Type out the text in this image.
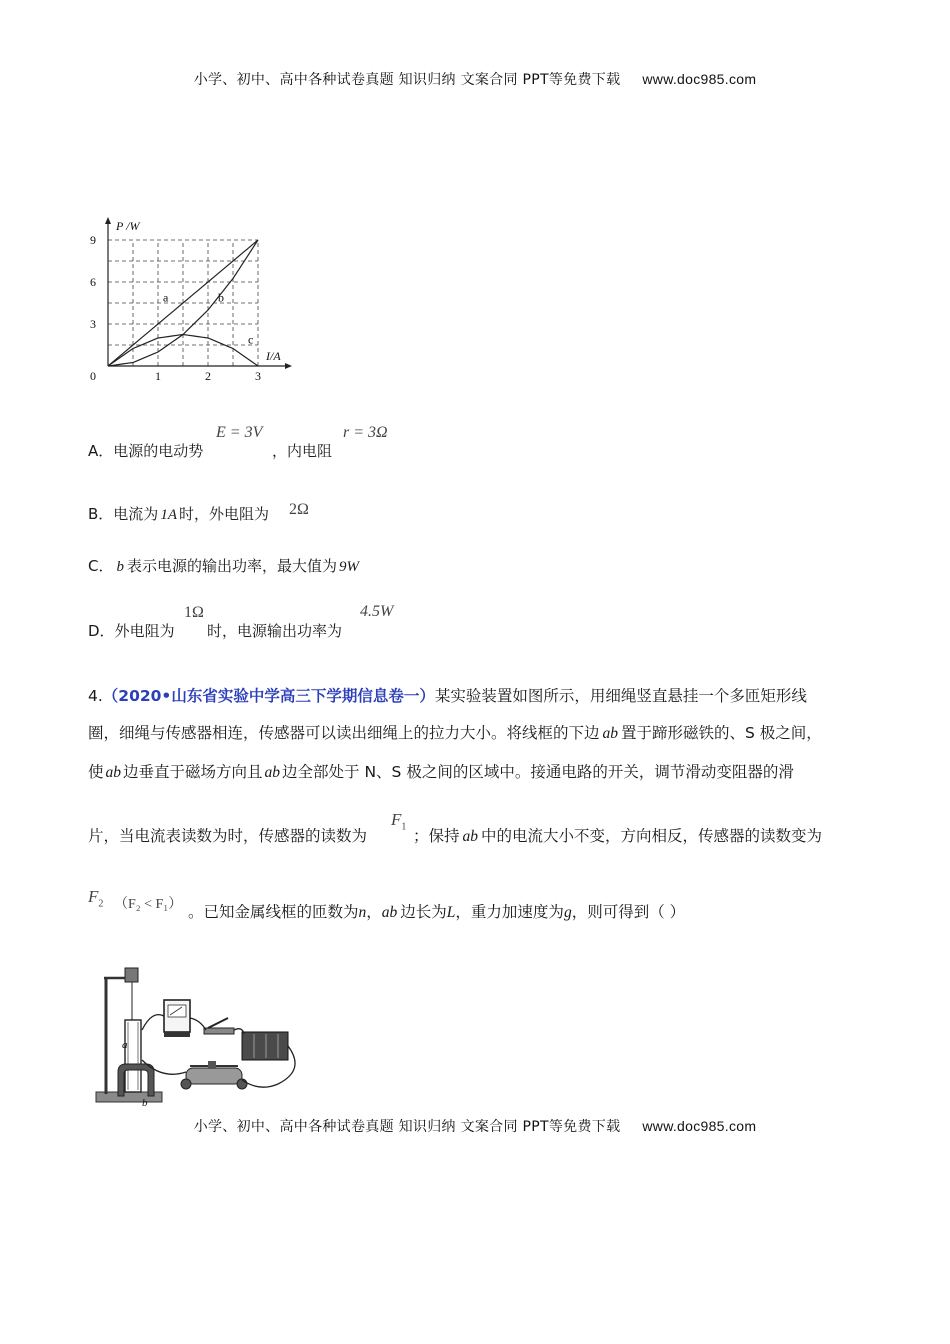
小学、初中、高中各种试卷真题 知识归纳 文案合同 PPT等免费下载 www.doc985.com
1	2	3
3
6
9
0
P /W
I/A
a	b
c
A．电源的电动势
E = 3V
，内电阻
r = 3Ω
B．电流为 1A 时，外电阻为 2Ω
C． b 表示电源的输出功率，最大值为 9W
D．外电阻为
1Ω
时，电源输出功率为
4.5W
4.（2020•山东省实验中学高三下学期信息卷一）某实验装置如图所示，用细绳竖直悬挂一个多匝矩形线
圈，细绳与传感器相连，传感器可以读出细绳上的拉力大小。将线框的下边 ab 置于蹄形磁铁的、S 极之间，
使 ab 边垂直于磁场方向且 ab 边全部处于 N、S 极之间的区域中。接通电路的开关，调节滑动变阻器的滑
片，当电流表读数为时，传感器的读数为
$F_1$
；保持 ab 中的电流大小不变，方向相反，传感器的读数变为
$F_2$ （F₂ < F₁） 。已知金属线框的匝数为n，ab 边长为L，重力加速度为g，则可得到（ ）
a
b
小学、初中、高中各种试卷真题 知识归纳 文案合同 PPT等免费下载 www.doc985.com
